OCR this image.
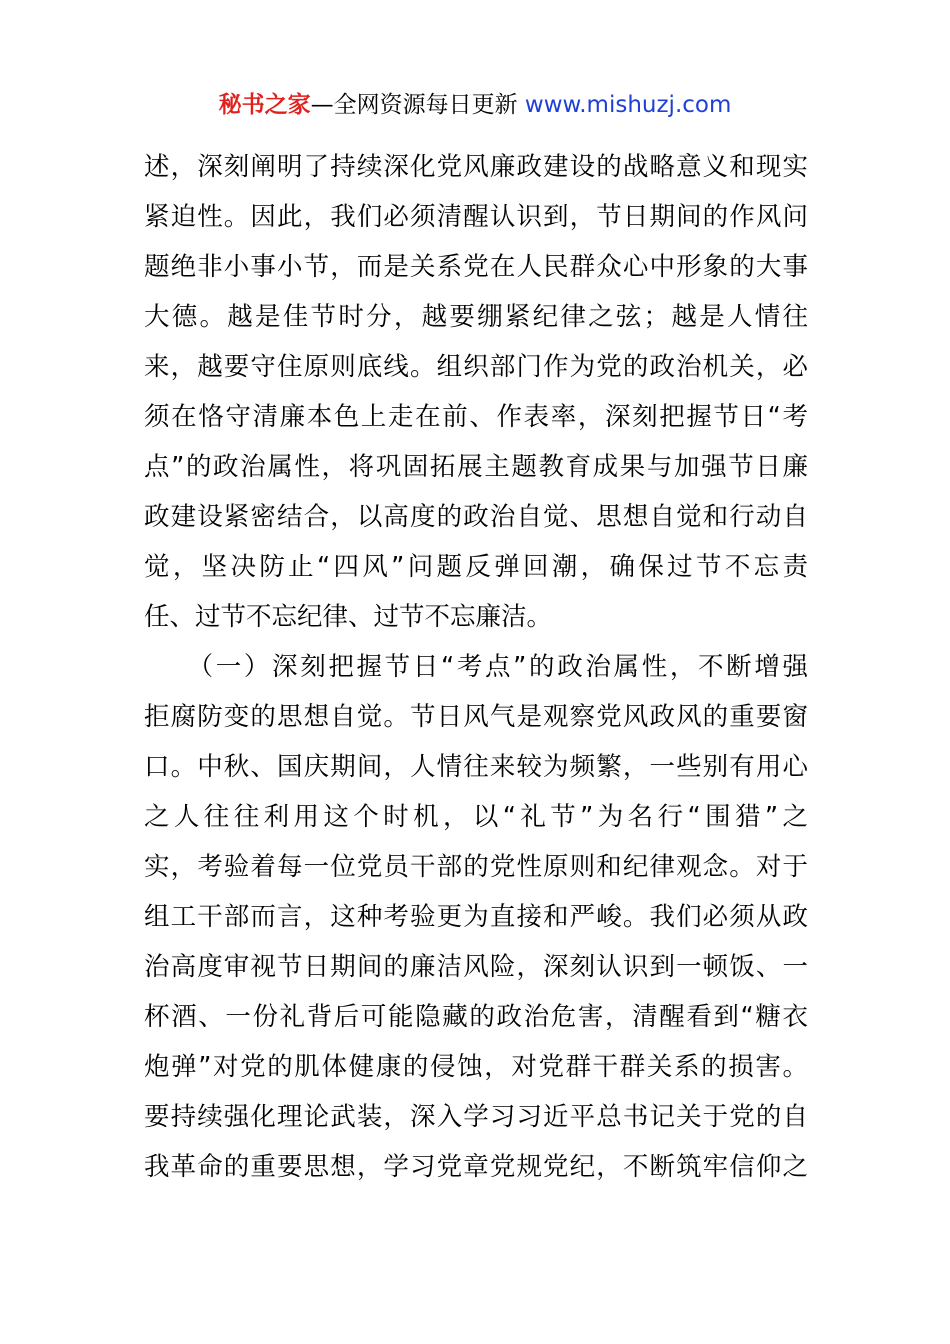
秘书之家—全网资源每日更新 www.mishuzj.com
述，深刻阐明了持续深化党风廉政建设的战略意义和现实
紧迫性。因此，我们必须清醒认识到，节日期间的作风问
题绝非小事小节，而是关系党在人民群众心中形象的大事
大德。越是佳节时分，越要绷紧纪律之弦；越是人情往
来，越要守住原则底线。组织部门作为党的政治机关，必
须在恪守清廉本色上走在前、作表率，深刻把握节日“考
点”的政治属性，将巩固拓展主题教育成果与加强节日廉
政建设紧密结合，以高度的政治自觉、思想自觉和行动自
觉，坚决防止“四风”问题反弹回潮，确保过节不忘责
任、过节不忘纪律、过节不忘廉洁。
　　（一）深刻把握节日“考点”的政治属性，不断增强
拒腐防变的思想自觉。节日风气是观察党风政风的重要窗
口。中秋、国庆期间，人情往来较为频繁，一些别有用心
之人往往利用这个时机，以“礼节”为名行“围猎”之
实，考验着每一位党员干部的党性原则和纪律观念。对于
组工干部而言，这种考验更为直接和严峻。我们必须从政
治高度审视节日期间的廉洁风险，深刻认识到一顿饭、一
杯酒、一份礼背后可能隐藏的政治危害，清醒看到“糖衣
炮弹”对党的肌体健康的侵蚀，对党群干群关系的损害。
要持续强化理论武装，深入学习习近平总书记关于党的自
我革命的重要思想，学习党章党规党纪，不断筑牢信仰之
